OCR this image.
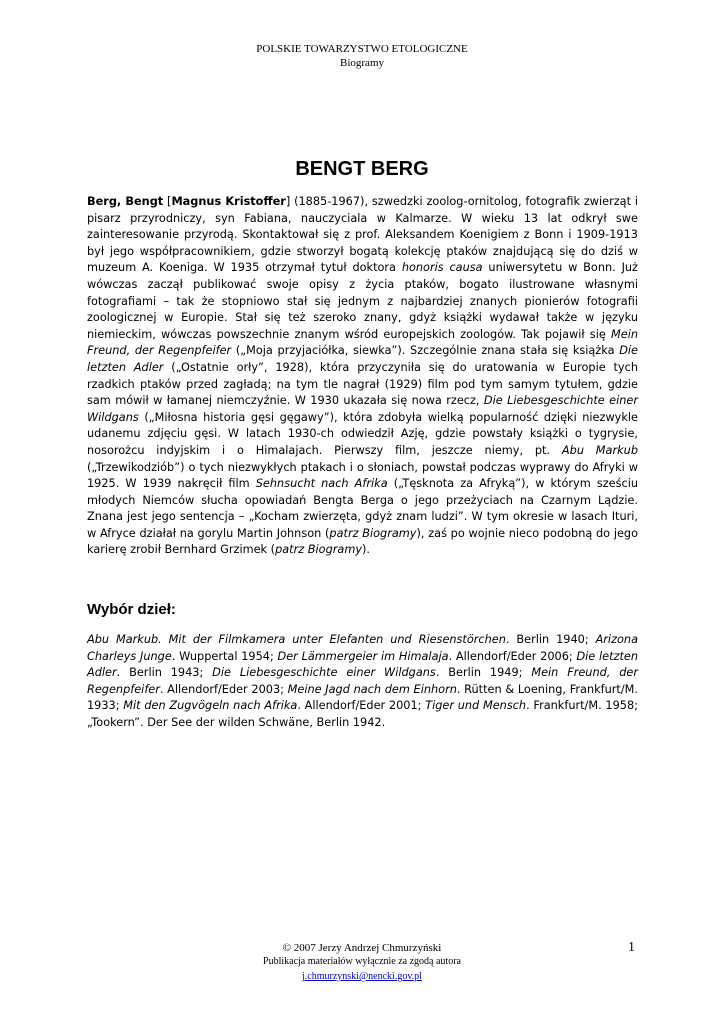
POLSKIE TOWARZYSTWO ETOLOGICZNE
Biogramy
BENGT BERG

Berg, Bengt [Magnus Kristoffer] (1885-1967), szwedzki zoolog-ornitolog, fotografik zwierząt i pisarz przyrodniczy, syn Fabiana, nauczyciala w Kalmarze. W wieku 13 lat odkrył swe zainteresowanie przyrodą. Skontaktował się z prof. Aleksandem Koenigiem z Bonn i 1909-1913 był jego współpracownikiem, gdzie stworzył bogatą kolekcję ptaków znajdującą się do dziś w muzeum A. Koeniga. W 1935 otrzymał tytuł doktora honoris causa uniwersytetu w Bonn. Już wówczas zaczął publikować swoje opisy z życia ptaków, bogato ilustrowane własnymi fotografiami – tak że stopniowo stał się jednym z najbardziej znanych pionierów fotografii zoologicznej w Europie. Stał się też szeroko znany, gdyż książki wydawał także w języku niemieckim, wówczas powszechnie znanym wśród europejskich zoologów. Tak pojawił się Mein Freund, der Regenpfeifer („Moja przyjaciółka, siewka”). Szczególnie znana stała się książka Die letzten Adler („Ostatnie orły”, 1928), która przyczyniła się do uratowania w Europie tych rzadkich ptaków przed zagładą; na tym tle nagrał (1929) film pod tym samym tytułem, gdzie sam mówił w łamanej niemczyźnie. W 1930 ukazała się nowa rzecz, Die Liebesgeschichte einer Wildgans („Miłosna historia gęsi gęgawy”), która zdobyła wielką popularność dzięki niezwykle udanemu zdjęciu gęsi. W latach 1930-ch odwiedził Azję, gdzie powstały książki o tygrysie, nosorożcu indyjskim i o Himalajach. Pierwszy film, jeszcze niemy, pt. Abu Markub („Trzewikodziób”) o tych niezwykłych ptakach i o słoniach, powstał podczas wyprawy do Afryki w 1925. W 1939 nakręcił film Sehnsucht nach Afrika („Tęsknota za Afryką”), w którym sześciu młodych Niemców słucha opowiadań Bengta Berga o jego przeżyciach na Czarnym Lądzie. Znana jest jego sentencja – „Kocham zwierzęta, gdyż znam ludzi”. W tym okresie w lasach Ituri, w Afryce działał na gorylu Martin Johnson (patrz Biogramy), zaś po wojnie nieco podobną do jego karierę zrobił Bernhard Grzimek (patrz Biogramy).

Wybór dzieł:

Abu Markub. Mit der Filmkamera unter Elefanten und Riesenstörchen. Berlin 1940; Arizona Charleys Junge. Wuppertal 1954; Der Lämmergeier im Himalaja. Allendorf/Eder 2006; Die letzten Adler. Berlin 1943; Die Liebesgeschichte einer Wildgans. Berlin 1949; Mein Freund, der Regenpfeifer. Allendorf/Eder 2003; Meine Jagd nach dem Einhorn. Rütten & Loening, Frankfurt/M. 1933; Mit den Zugvögeln nach Afrika. Allendorf/Eder 2001; Tiger und Mensch. Frankfurt/M. 1958; „Tookern”. Der See der wilden Schwäne, Berlin 1942.

© 2007 Jerzy Andrzej Chmurzyński
Publikacja materiałów wyłącznie za zgodą autora
j.chmurzynski@nencki.gov.pl
1
